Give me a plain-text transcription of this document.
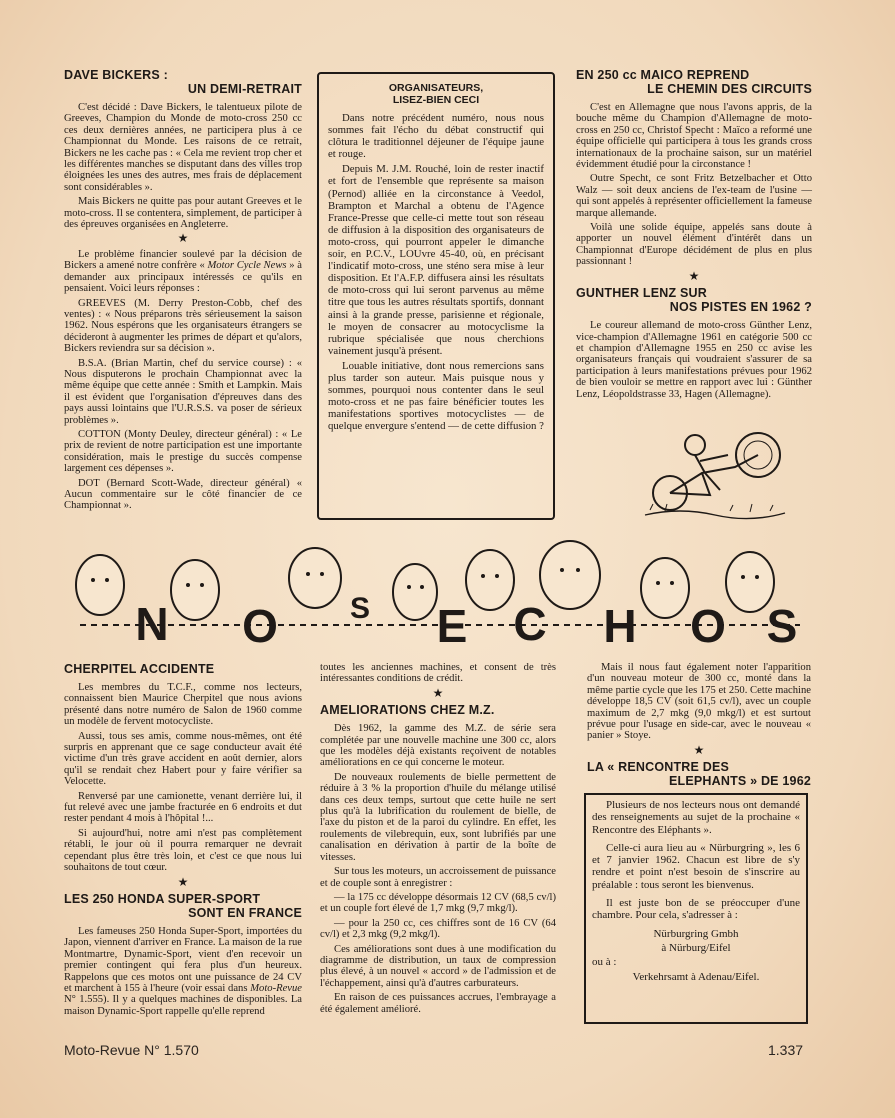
DAVE BICKERS :
UN DEMI-RETRAIT

C'est décidé : Dave Bickers, le talentueux pilote de Greeves, Champion du Monde de moto-cross 250 cc ces deux dernières années, ne participera plus à ce Championnat du Monde. Les raisons de ce retrait, Bickers ne les cache pas : « Cela me revient trop cher et les différentes manches se disputant dans des villes trop éloignées les unes des autres, mes frais de déplacement sont considérables ».

Mais Bickers ne quitte pas pour autant Greeves et le moto-cross. Il se contentera, simplement, de participer à des épreuves organisées en Angleterre.

★

Le problème financier soulevé par la décision de Bickers a amené notre confrère « Motor Cycle News » à demander aux principaux intéressés ce qu'ils en pensaient. Voici leurs réponses :

GREEVES (M. Derry Preston-Cobb, chef des ventes) : « Nous préparons très sérieusement la saison 1962. Nous espérons que les organisateurs étrangers se décideront à augmenter les primes de départ et qu'alors, Bickers reviendra sur sa décision ».

B.S.A. (Brian Martin, chef du service course) : « Nous disputerons le prochain Championnat avec la même équipe que cette année : Smith et Lampkin. Mais il est évident que l'organisation d'épreuves dans des pays aussi lointains que l'U.R.S.S. va poser de sérieux problèmes ».

COTTON (Monty Deuley, directeur général) : « Le prix de revient de notre participation est une importante considération, mais le prestige du succès compense largement ces dépenses ».

DOT (Bernard Scott-Wade, directeur général) « Aucun commentaire sur le côté financier de ce Championnat ».

CHERPITEL ACCIDENTE

Les membres du T.C.F., comme nos lecteurs, connaissent bien Maurice Cherpitel que nous avions présenté dans notre numéro de Salon de 1960 comme un modèle de fervent motocycliste.

Aussi, tous ses amis, comme nous-mêmes, ont été surpris en apprenant que ce sage conducteur avait été victime d'un très grave accident en août dernier, alors qu'il se rendait chez Habert pour y faire vérifier sa Velocette.

Renversé par une camionette, venant derrière lui, il fut relevé avec une jambe fracturée en 6 endroits et dut rester pendant 4 mois à l'hôpital !...

Si aujourd'hui, notre ami n'est pas complètement rétabli, le jour où il pourra remarquer ne devrait cependant plus être très loin, et c'est ce que nous lui souhaitons de tout cœur.

★
LES 250 HONDA SUPER-SPORT
SONT EN FRANCE

Les fameuses 250 Honda Super-Sport, importées du Japon, viennent d'arriver en France. La maison de la rue Montmartre, Dynamic-Sport, vient d'en recevoir un premier contingent qui fera plus d'un heureux. Rappelons que ces motos ont une puissance de 24 CV et marchent à 155 à l'heure (voir essai dans Moto-Revue N° 1.555). Il y a quelques machines de disponibles. La maison Dynamic-Sport rappelle qu'elle reprend

ORGANISATEURS,
LISEZ-BIEN CECI

Dans notre précédent numéro, nous nous sommes fait l'écho du débat constructif qui clôtura le traditionnel déjeuner de l'équipe jaune et rouge.

Depuis M. J.M. Rouché, loin de rester inactif et fort de l'ensemble que représente sa maison (Pernod) alliée en la circonstance à Veedol, Brampton et Marchal a obtenu de l'Agence France-Presse que celle-ci mette tout son réseau de diffusion à la disposition des organisateurs de moto-cross, qui pourront appeler le dimanche soir, en P.C.V., LOUvre 45-40, où, en précisant l'indicatif moto-cross, une sténo sera mise à leur disposition. Et l'A.F.P. diffusera ainsi les résultats de moto-cross qui lui seront parvenus au même titre que tous les autres résultats sportifs, donnant ainsi à la grande presse, parisienne et régionale, le moyen de consacrer au motocyclisme la rubrique spécialisée que nous cherchions vainement jusqu'à présent.

Louable initiative, dont nous remercions sans plus tarder son auteur. Mais puisque nous y sommes, pourquoi nous contenter dans le seul moto-cross et ne pas faire bénéficier toutes les manifestations sportives motocyclistes — de quelque envergure s'entend — de cette diffusion ?

toutes les anciennes machines, et consent de très intéressantes conditions de crédit.

★
AMELIORATIONS CHEZ M.Z.

Dès 1962, la gamme des M.Z. de série sera complétée par une nouvelle machine une 300 cc, alors que les modèles déjà existants reçoivent de notables améliorations en ce qui concerne le moteur.

De nouveaux roulements de bielle permettent de réduire à 3 % la proportion d'huile du mélange utilisé dans ces deux temps, surtout que cette huile ne sert plus qu'à la lubrification du roulement de bielle, de l'axe du piston et de la paroi du cylindre. En effet, les roulements de vilebrequin, eux, sont lubrifiés par une canalisation en dérivation à partir de la boîte de vitesses.

Sur tous les moteurs, un accroissement de puissance et de couple sont à enregistrer :

— la 175 cc développe désormais 12 CV (68,5 cv/l) et un couple fort élevé de 1,7 mkg (9,7 mkg/l).

— pour la 250 cc, ces chiffres sont de 16 CV (64 cv/l) et 2,3 mkg (9,2 mkg/l).

Ces améliorations sont dues à une modification du diagramme de distribution, un taux de compression plus élevé, à un nouvel « accord » de l'admission et de l'échappement, ainsi qu'à d'autres carburateurs.

En raison de ces puissances accrues, l'embrayage a été également amélioré.

EN 250 cc MAICO REPREND
LE CHEMIN DES CIRCUITS

C'est en Allemagne que nous l'avons appris, de la bouche même du Champion d'Allemagne de moto-cross en 250 cc, Christof Specht : Maïco a reformé une équipe officielle qui participera à tous les grands cross internationaux de la prochaine saison, sur un matériel évidemment étudié pour la circonstance !

Outre Specht, ce sont Fritz Betzelbacher et Otto Walz — soit deux anciens de l'ex-team de l'usine — qui sont appelés à représenter officiellement la fameuse marque allemande.

Voilà une solide équipe, appelés sans doute à apporter un nouvel élément d'intérêt dans un Championnat d'Europe décidément de plus en plus passionnant !

★
GUNTHER LENZ SUR
NOS PISTES EN 1962 ?

Le coureur allemand de moto-cross Günther Lenz, vice-champion d'Allemagne 1961 en catégorie 500 cc et champion d'Allemagne 1955 en 250 cc avise les organisateurs français qui voudraient s'assurer de sa participation à leurs manifestations prévues pour 1962 de bien vouloir se mettre en rapport avec lui : Günther Lenz, Léopoldstrasse 33, Hagen (Allemagne).

N O S E C H O S

Mais il nous faut également noter l'apparition d'un nouveau moteur de 300 cc, monté dans la même partie cycle que les 175 et 250. Cette machine développe 18,5 CV (soit 61,5 cv/l), avec un couple maximum de 2,7 mkg (9,0 mkg/l) et est surtout prévue pour l'usage en side-car, avec le nouveau « panier » Stoye.

★
LA « RENCONTRE DES
ELEPHANTS » DE 1962

Plusieurs de nos lecteurs nous ont demandé des renseignements au sujet de la prochaine « Rencontre des Eléphants ».

Celle-ci aura lieu au « Nürburgring », les 6 et 7 janvier 1962. Chacun est libre de s'y rendre et point n'est besoin de s'inscrire au préalable : tous seront les bienvenus.

Il est juste bon de se préoccuper d'une chambre. Pour cela, s'adresser à :

Nürburgring Gmbh

à Nürburg/Eifel

ou à :

Verkehrsamt à Adenau/Eifel.

Moto-Revue N° 1.570	1.337
